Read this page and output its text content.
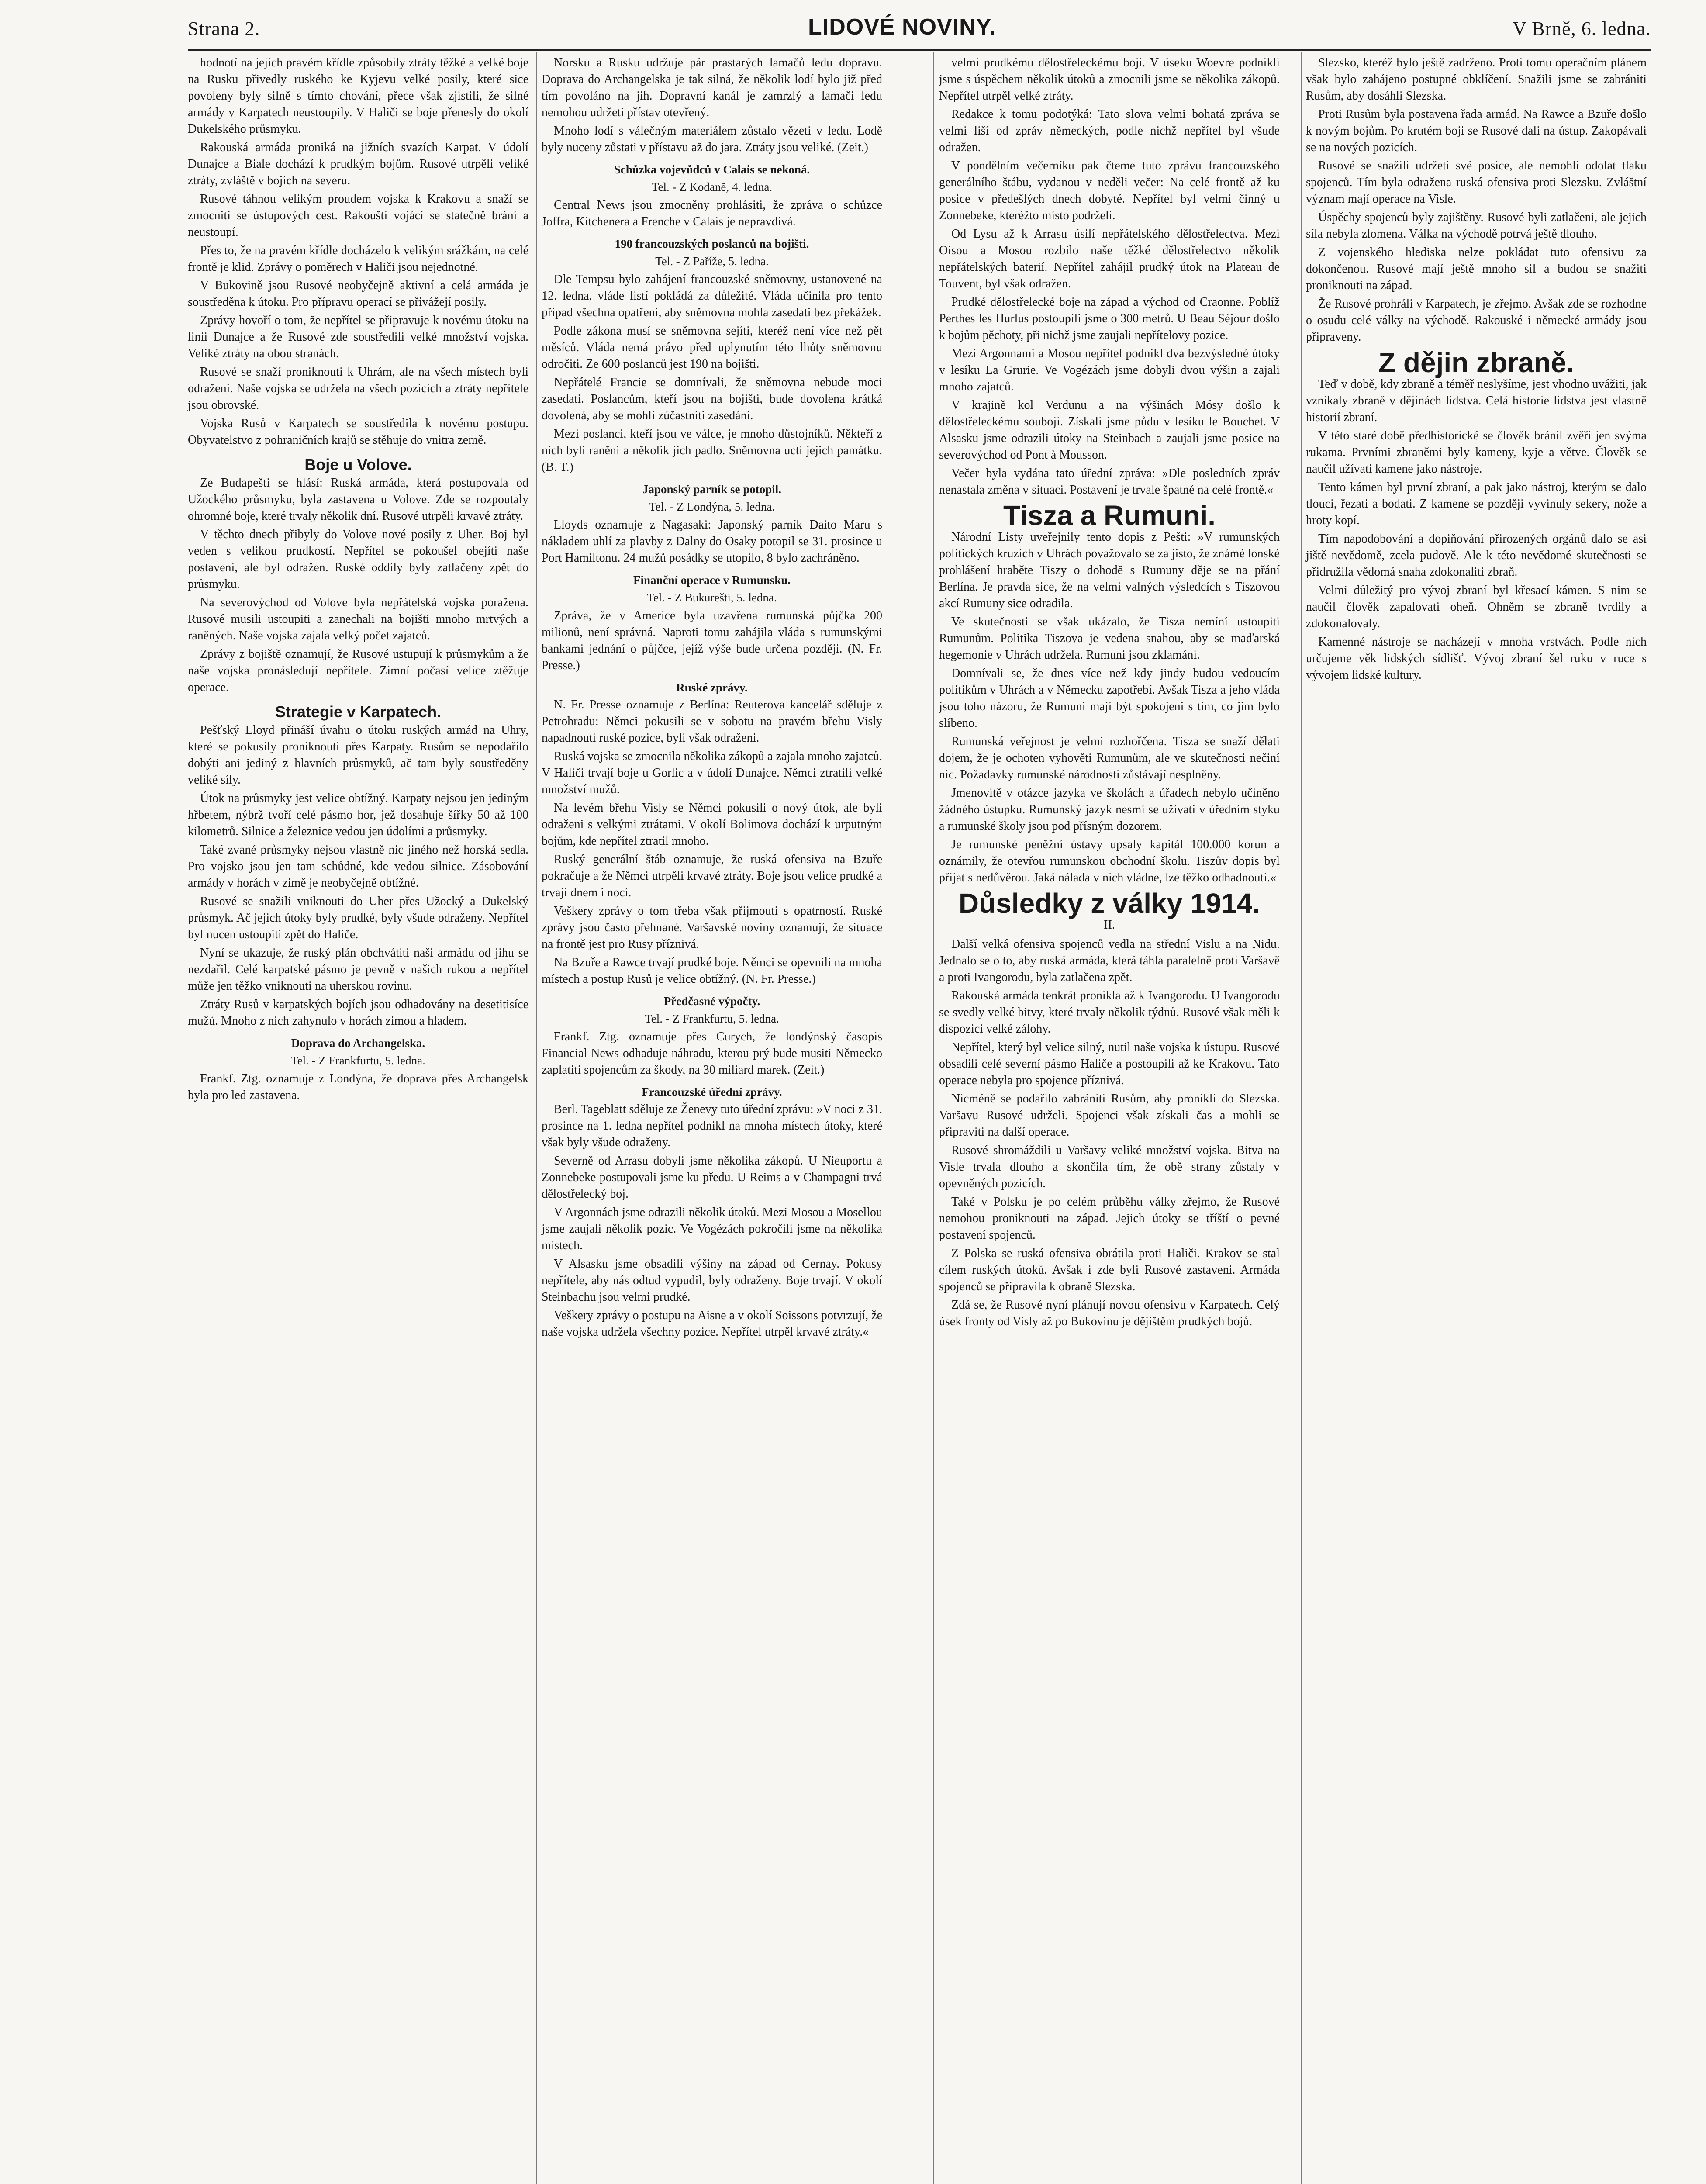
Strana 2.	LIDOVÉ NOVINY.	V Brně, 6. ledna.

hodnotí na jejich pravém křídle způsobily ztráty těžké a velké boje na Rusku přivedly ruského ke Kyjevu velké posily, které sice povoleny byly silně s tímto chování, přece však zjistili, že silné armády v Karpatech neustoupily. V Haliči se boje přenesly do okolí Dukelského průsmyku.

Rakouská armáda proniká na jižních svazích Karpat. V údolí Dunajce a Biale dochází k prudkým bojům. Rusové utrpěli veliké ztráty, zvláště v bojích na severu.

Rusové táhnou velikým proudem vojska k Krakovu a snaží se zmocniti se ústupových cest. Rakouští vojáci se statečně brání a neustoupí.

Přes to, že na pravém křídle docházelo k velikým srážkám, na celé frontě je klid. Zprávy o poměrech v Haliči jsou nejednotné.

V Bukovině jsou Rusové neobyčejně aktivní a celá armáda je soustředěna k útoku. Pro přípravu operací se přivážejí posily.

Zprávy hovoří o tom, že nepřítel se připravuje k novému útoku na linii Dunajce a že Rusové zde soustředili velké množství vojska. Veliké ztráty na obou stranách.

Rusové se snaží proniknouti k Uhrám, ale na všech místech byli odraženi. Naše vojska se udržela na všech pozicích a ztráty nepřítele jsou obrovské.

Vojska Rusů v Karpatech se soustředila k novému postupu. Obyvatelstvo z pohraničních krajů se stěhuje do vnitra země.

Boje u Volove.

Ze Budapešti se hlásí: Ruská armáda, která postupovala od Užockého průsmyku, byla zastavena u Volove. Zde se rozpoutaly ohromné boje, které trvaly několik dní. Rusové utrpěli krvavé ztráty.

V těchto dnech přibyly do Volove nové posily z Uher. Boj byl veden s velikou prudkostí. Nepřítel se pokoušel obejíti naše postavení, ale byl odražen. Ruské oddíly byly zatlačeny zpět do průsmyku.

Na severovýchod od Volove byla nepřátelská vojska poražena. Rusové musili ustoupiti a zanechali na bojišti mnoho mrtvých a raněných. Naše vojska zajala velký počet zajatců.

Zprávy z bojiště oznamují, že Rusové ustupují k průsmykům a že naše vojska pronásledují nepřítele. Zimní počasí velice ztěžuje operace.

Strategie v Karpatech.

Pešťský Lloyd přináší úvahu o útoku ruských armád na Uhry, které se pokusily proniknouti přes Karpaty. Rusům se nepodařilo dobýti ani jediný z hlavních průsmyků, ač tam byly soustředěny veliké síly.

Útok na průsmyky jest velice obtížný. Karpaty nejsou jen jediným hřbetem, nýbrž tvoří celé pásmo hor, jež dosahuje šířky 50 až 100 kilometrů. Silnice a železnice vedou jen údolími a průsmyky.

Také zvané průsmyky nejsou vlastně nic jiného než horská sedla. Pro vojsko jsou jen tam schůdné, kde vedou silnice. Zásobování armády v horách v zimě je neobyčejně obtížné.

Rusové se snažili vniknouti do Uher přes Užocký a Dukelský průsmyk. Ač jejich útoky byly prudké, byly všude odraženy. Nepřítel byl nucen ustoupiti zpět do Haliče.

Nyní se ukazuje, že ruský plán obchvátiti naši armádu od jihu se nezdařil. Celé karpatské pásmo je pevně v našich rukou a nepřítel může jen těžko vniknouti na uherskou rovinu.

Ztráty Rusů v karpatských bojích jsou odhadovány na desetitisíce mužů. Mnoho z nich zahynulo v horách zimou a hladem.

Doprava do Archangelska.
Tel. - Z Frankfurtu, 5. ledna.

Frankf. Ztg. oznamuje z Londýna, že doprava přes Archangelsk byla pro led zastavena.

Norsku a Rusku udržuje pár prastarých lamačů ledu dopravu. Doprava do Archangelska je tak silná, že několik lodí bylo již před tím povoláno na jih. Dopravní kanál je zamrzlý a lamači ledu nemohou udržeti přístav otevřený.

Mnoho lodí s válečným materiálem zůstalo vězeti v ledu. Lodě byly nuceny zůstati v přístavu až do jara. Ztráty jsou veliké. (Zeit.)

Schůzka vojevůdců v Calais se nekoná.
Tel. - Z Kodaně, 4. ledna.

Central News jsou zmocněny prohlásiti, že zpráva o schůzce Joffra, Kitchenera a Frenche v Calais je nepravdivá.

190 francouzských poslanců na bojišti.
Tel. - Z Paříže, 5. ledna.

Dle Tempsu bylo zahájení francouzské sněmovny, ustanovené na 12. ledna, vláde listí pokládá za důležité. Vláda učinila pro tento případ všechna opatření, aby sněmovna mohla zasedati bez překážek.

Podle zákona musí se sněmovna sejíti, kteréž není více než pět měsíců. Vláda nemá právo před uplynutím této lhůty sněmovnu odročiti. Ze 600 poslanců jest 190 na bojišti.

Nepřátelé Francie se domnívali, že sněmovna nebude moci zasedati. Poslancům, kteří jsou na bojišti, bude dovolena krátká dovolená, aby se mohli zúčastniti zasedání.

Mezi poslanci, kteří jsou ve válce, je mnoho důstojníků. Někteří z nich byli raněni a několik jich padlo. Sněmovna uctí jejich památku. (B. T.)

Japonský parník se potopil.
Tel. - Z Londýna, 5. ledna.

Lloyds oznamuje z Nagasaki: Japonský parník Daito Maru s nákladem uhlí za plavby z Dalny do Osaky potopil se 31. prosince u Port Hamiltonu. 24 mužů posádky se utopilo, 8 bylo zachráněno.

Finanční operace v Rumunsku.
Tel. - Z Bukurešti, 5. ledna.

Zpráva, že v Americe byla uzavřena rumunská půjčka 200 milionů, není správná. Naproti tomu zahájila vláda s rumunskými bankami jednání o půjčce, jejíž výše bude určena později. (N. Fr. Presse.)

Ruské zprávy.

N. Fr. Presse oznamuje z Berlína: Reuterova kancelář sděluje z Petrohradu: Němci pokusili se v sobotu na pravém břehu Visly napadnouti ruské pozice, byli však odraženi.

Ruská vojska se zmocnila několika zákopů a zajala mnoho zajatců. V Haliči trvají boje u Gorlic a v údolí Dunajce. Němci ztratili velké množství mužů.

Na levém břehu Visly se Němci pokusili o nový útok, ale byli odraženi s velkými ztrátami. V okolí Bolimova dochází k urputným bojům, kde nepřítel ztratil mnoho.

Ruský generální štáb oznamuje, že ruská ofensiva na Bzuře pokračuje a že Němci utrpěli krvavé ztráty. Boje jsou velice prudké a trvají dnem i nocí.

Veškery zprávy o tom třeba však přijmouti s opatrností. Ruské zprávy jsou často přehnané. Varšavské noviny oznamují, že situace na frontě jest pro Rusy příznivá.

Na Bzuře a Rawce trvají prudké boje. Němci se opevnili na mnoha místech a postup Rusů je velice obtížný. (N. Fr. Presse.)

Předčasné výpočty.
Tel. - Z Frankfurtu, 5. ledna.

Frankf. Ztg. oznamuje přes Curych, že londýnský časopis Financial News odhaduje náhradu, kterou prý bude musiti Německo zaplatiti spojencům za škody, na 30 miliard marek. (Zeit.)

Francouzské úřední zprávy.

Berl. Tageblatt sděluje ze Ženevy tuto úřední zprávu: »V noci z 31. prosince na 1. ledna nepřítel podnikl na mnoha místech útoky, které však byly všude odraženy.

Severně od Arrasu dobyli jsme několika zákopů. U Nieuportu a Zonnebeke postupovali jsme ku předu. U Reims a v Champagni trvá dělostřelecký boj.

V Argonnách jsme odrazili několik útoků. Mezi Mosou a Mosellou jsme zaujali několik pozic. Ve Vogézách pokročili jsme na několika místech.

V Alsasku jsme obsadili výšiny na západ od Cernay. Pokusy nepřítele, aby nás odtud vypudil, byly odraženy. Boje trvají. V okolí Steinbachu jsou velmi prudké.

Veškery zprávy o postupu na Aisne a v okolí Soissons potvrzují, že naše vojska udržela všechny pozice. Nepřítel utrpěl krvavé ztráty.«

velmi prudkému dělostřeleckému boji. V úseku Woevre podnikli jsme s úspěchem několik útoků a zmocnili jsme se několika zákopů. Nepřítel utrpěl velké ztráty.

Redakce k tomu podotýká: Tato slova velmi bohatá zpráva se velmi liší od zpráv německých, podle nichž nepřítel byl všude odražen.

V pondělním večerníku pak čteme tuto zprávu francouzského generálního štábu, vydanou v neděli večer: Na celé frontě až ku posice v předešlých dnech dobyté. Nepřítel byl velmi činný u Zonnebeke, kteréžto místo podrželi.

Od Lysu až k Arrasu úsilí nepřátelského dělostřelectva. Mezi Oisou a Mosou rozbilo naše těžké dělostřelectvo několik nepřátelských baterií. Nepřítel zahájil prudký útok na Plateau de Touvent, byl však odražen.

Prudké dělostřelecké boje na západ a východ od Craonne. Poblíž Perthes les Hurlus postoupili jsme o 300 metrů. U Beau Séjour došlo k bojům pěchoty, při nichž jsme zaujali nepřítelovy pozice.

Mezi Argonnami a Mosou nepřítel podnikl dva bezvýsledné útoky v lesíku La Grurie. Ve Vogézách jsme dobyli dvou výšin a zajali mnoho zajatců.

V krajině kol Verdunu a na výšinách Mósy došlo k dělostřeleckému souboji. Získali jsme půdu v lesíku le Bouchet. V Alsasku jsme odrazili útoky na Steinbach a zaujali jsme posice na severovýchod od Pont à Mousson.

Večer byla vydána tato úřední zpráva: »Dle posledních zpráv nenastala změna v situaci. Postavení je trvale špatné na celé frontě.«

Tisza a Rumuni.

Národní Listy uveřejnily tento dopis z Pešti: »V rumunských politických kruzích v Uhrách považovalo se za jisto, že známé lonské prohlášení hraběte Tiszy o dohodě s Rumuny děje se na přání Berlína. Je pravda sice, že na velmi valných výsledcích s Tiszovou akcí Rumuny sice odradila.

Ve skutečnosti se však ukázalo, že Tisza nemíní ustoupiti Rumunům. Politika Tiszova je vedena snahou, aby se maďarská hegemonie v Uhrách udržela. Rumuni jsou zklamáni.

Domnívali se, že dnes více než kdy jindy budou vedoucím politikům v Uhrách a v Německu zapotřebí. Avšak Tisza a jeho vláda jsou toho názoru, že Rumuni mají být spokojeni s tím, co jim bylo slíbeno.

Rumunská veřejnost je velmi rozhořčena. Tisza se snaží dělati dojem, že je ochoten vyhověti Rumunům, ale ve skutečnosti nečiní nic. Požadavky rumunské národnosti zůstávají nesplněny.

Jmenovitě v otázce jazyka ve školách a úřadech nebylo učiněno žádného ústupku. Rumunský jazyk nesmí se užívati v úředním styku a rumunské školy jsou pod přísným dozorem.

Je rumunské peněžní ústavy upsaly kapitál 100.000 korun a oznámily, že otevřou rumunskou obchodní školu. Tiszův dopis byl přijat s nedůvěrou. Jaká nálada v nich vládne, lze těžko odhadnouti.«

Důsledky z války 1914.
II.

Další velká ofensiva spojenců vedla na střední Vislu a na Nidu. Jednalo se o to, aby ruská armáda, která táhla paralelně proti Varšavě a proti Ivangorodu, byla zatlačena zpět.

Rakouská armáda tenkrát pronikla až k Ivangorodu. U Ivangorodu se svedly velké bitvy, které trvaly několik týdnů. Rusové však měli k dispozici velké zálohy.

Nepřítel, který byl velice silný, nutil naše vojska k ústupu. Rusové obsadili celé severní pásmo Haliče a postoupili až ke Krakovu. Tato operace nebyla pro spojence příznivá.

Nicméně se podařilo zabrániti Rusům, aby pronikli do Slezska. Varšavu Rusové udrželi. Spojenci však získali čas a mohli se připraviti na další operace.

Rusové shromáždili u Varšavy veliké množství vojska. Bitva na Visle trvala dlouho a skončila tím, že obě strany zůstaly v opevněných pozicích.

Také v Polsku je po celém průběhu války zřejmo, že Rusové nemohou proniknouti na západ. Jejich útoky se tříští o pevné postavení spojenců.

Z Polska se ruská ofensiva obrátila proti Haliči. Krakov se stal cílem ruských útoků. Avšak i zde byli Rusové zastaveni. Armáda spojenců se připravila k obraně Slezska.

Zdá se, že Rusové nyní plánují novou ofensivu v Karpatech. Celý úsek fronty od Visly až po Bukovinu je dějištěm prudkých bojů.

Slezsko, kteréž bylo ještě zadrženo. Proti tomu operačním plánem však bylo zahájeno postupné obklíčení. Snažili jsme se zabrániti Rusům, aby dosáhli Slezska.

Proti Rusům byla postavena řada armád. Na Rawce a Bzuře došlo k novým bojům. Po krutém boji se Rusové dali na ústup. Zakopávali se na nových pozicích.

Rusové se snažili udržeti své posice, ale nemohli odolat tlaku spojenců. Tím byla odražena ruská ofensiva proti Slezsku. Zvláštní význam mají operace na Visle.

Úspěchy spojenců byly zajištěny. Rusové byli zatlačeni, ale jejich síla nebyla zlomena. Válka na východě potrvá ještě dlouho.

Z vojenského hlediska nelze pokládat tuto ofensivu za dokončenou. Rusové mají ještě mnoho sil a budou se snažiti proniknouti na západ.

Že Rusové prohráli v Karpatech, je zřejmo. Avšak zde se rozhodne o osudu celé války na východě. Rakouské i německé armády jsou připraveny.

Z dějin zbraně.

Teď v době, kdy zbraně a téměř neslyšíme, jest vhodno uvážiti, jak vznikaly zbraně v dějinách lidstva. Celá historie lidstva jest vlastně historií zbraní.

V této staré době předhistorické se člověk bránil zvěři jen svýma rukama. Prvními zbraněmi byly kameny, kyje a větve. Člověk se naučil užívati kamene jako nástroje.

Tento kámen byl první zbraní, a pak jako nástroj, kterým se dalo tlouci, řezati a bodati. Z kamene se později vyvinuly sekery, nože a hroty kopí.

Tím napodobování a dopiňování přirozených orgánů dalo se asi jiště nevědomě, zcela pudově. Ale k této nevědomé skutečnosti se přidružila vědomá snaha zdokonaliti zbraň.

Velmi důležitý pro vývoj zbraní byl křesací kámen. S nim se naučil člověk zapalovati oheň. Ohněm se zbraně tvrdily a zdokonalovaly.

Kamenné nástroje se nacházejí v mnoha vrstvách. Podle nich určujeme věk lidských sídlišť. Vývoj zbraní šel ruku v ruce s vývojem lidské kultury.
